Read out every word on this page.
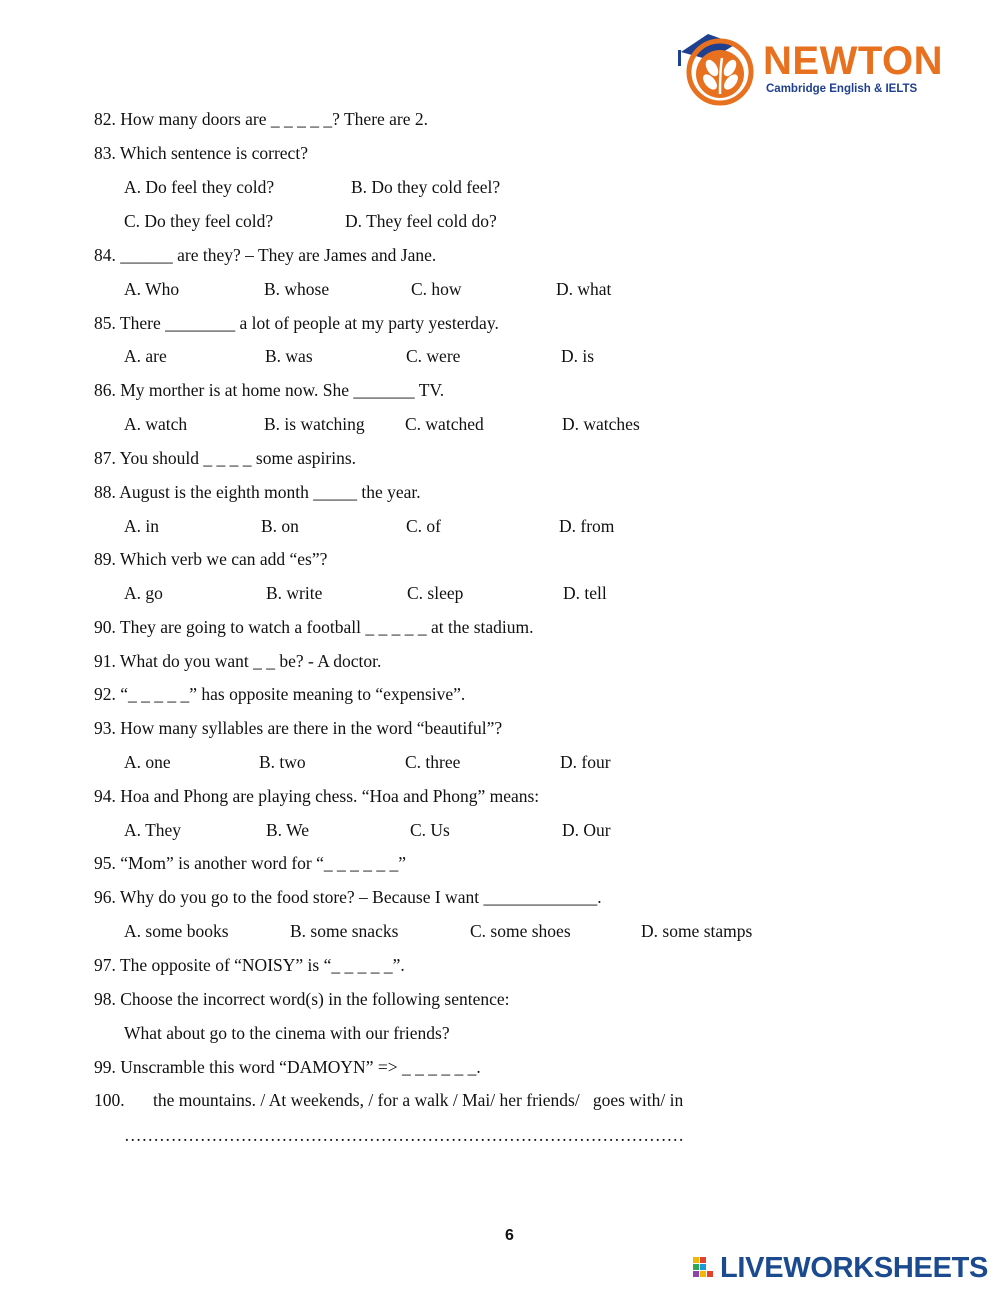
NEWTON
Cambridge English & IELTS
82. How many doors are _ _ _ _ _? There are 2.
83. Which sentence is correct?
A. Do feel they cold?	B. Do they cold feel?
C. Do they feel cold?	D. They feel cold do?
84. ______ are they? – They are James and Jane.
A. Who	B. whose	C. how	D. what
85. There ________ a lot of people at my party yesterday.
A. are	B. was	C. were	D. is
86. My morther is at home now. She _______ TV.
A. watch	B. is watching C. watched	D. watches
87. You should _ _ _ _ some aspirins.
88. August is the eighth month _____ the year.
A. in	B. on	C. of	D. from
89. Which verb we can add “es”?
A. go	B. write	C. sleep	D. tell
90. They are going to watch a football _ _ _ _ _ at the stadium.
91. What do you want _ _ be? - A doctor.
92. “_ _ _ _ _” has opposite meaning to “expensive”.
93. How many syllables are there in the word “beautiful”?
A. one	B. two	C. three	D. four
94. Hoa and Phong are playing chess. “Hoa and Phong” means:
A. They	B. We	C. Us	D. Our
95. “Mom” is another word for “_ _ _ _ _ _”
96. Why do you go to the food store? – Because I want _____________.
A. some books	B. some snacks	C. some shoes	D. some stamps
97. The opposite of “NOISY” is “_ _ _ _ _”.
98. Choose the incorrect word(s) in the following sentence:
What about go to the cinema with our friends?
99. Unscramble this word “DAMOYN” => _ _ _ _ _ _.
100. the mountains. / At weekends, / for a walk / Mai/ her friends/   goes with/ in
……………………………………………………………………………………
6
LIVEWORKSHEETS
